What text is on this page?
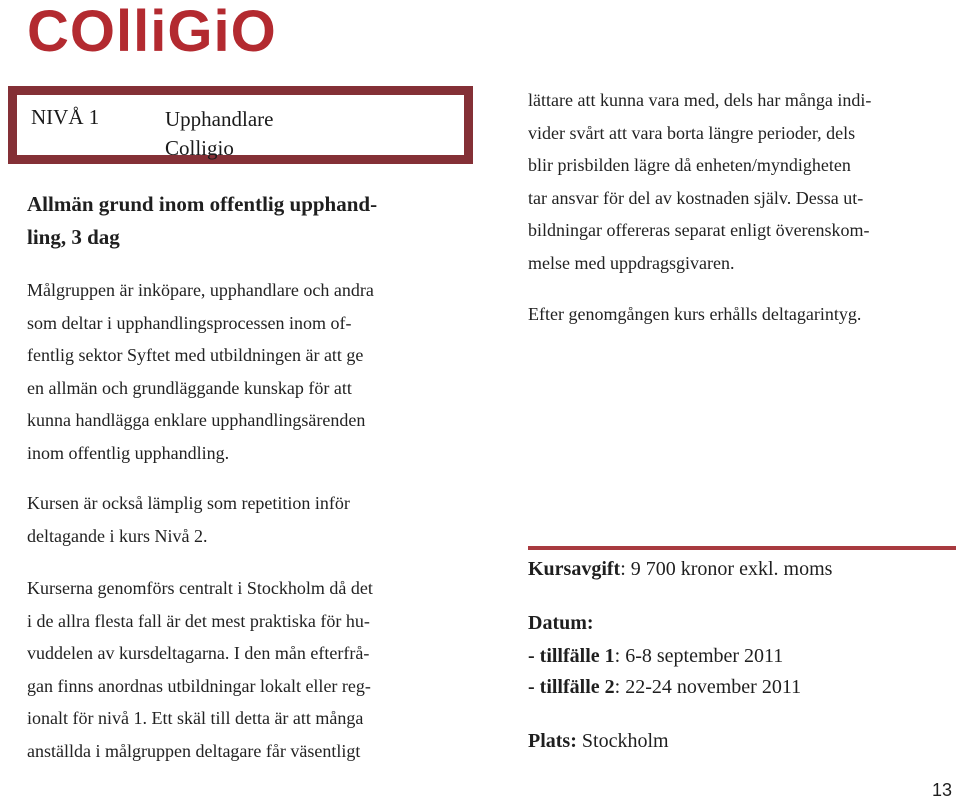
COlliGiO
NIVÅ 1	Upphandlare
Colligio
Allmän grund inom offentlig upphand-
ling, 3 dag
Målgruppen är inköpare, upphandlare och andra
som deltar i upphandlingsprocessen inom of-
fentlig sektor Syftet med utbildningen är att ge
en allmän och grundläggande kunskap för att
kunna handlägga enklare upphandlingsärenden
inom offentlig upphandling.
Kursen är också lämplig som repetition inför
deltagande i kurs Nivå 2.
Kurserna genomförs centralt i Stockholm då det
i de allra flesta fall är det mest praktiska för hu-
vuddelen av kursdeltagarna. I den mån efterfrå-
gan finns anordnas utbildningar lokalt eller reg-
ionalt för nivå 1. Ett skäl till detta är att många
anställda i målgruppen deltagare får väsentligt
lättare att kunna vara med, dels har många indi-
vider svårt att vara borta längre perioder, dels
blir prisbilden lägre då enheten/myndigheten
tar ansvar för del av kostnaden själv. Dessa ut-
bildningar offereras separat enligt överenskom-
melse med uppdragsgivaren.
Efter genomgången kurs erhålls deltagarintyg.
Kursavgift: 9 700 kronor exkl. moms
Datum:
- tillfälle 1: 6-8 september 2011
- tillfälle 2: 22-24 november 2011
Plats: Stockholm
13
